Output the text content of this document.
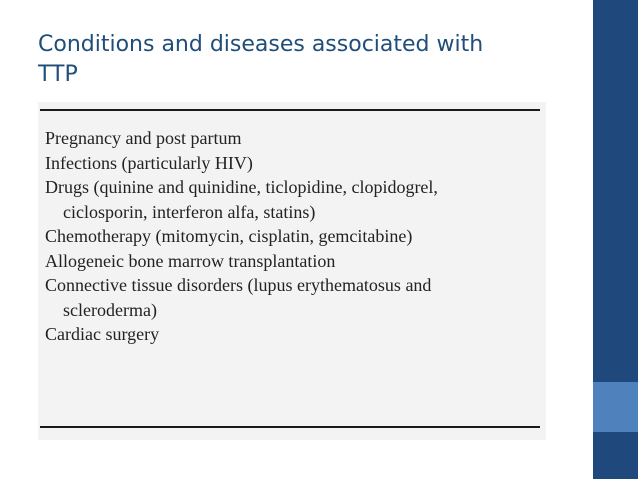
Conditions and diseases associated with
TTP
Pregnancy and post partum
Infections (particularly HIV)
Drugs (quinine and quinidine, ticlopidine, clopidogrel,
ciclosporin, interferon alfa, statins)
Chemotherapy (mitomycin, cisplatin, gemcitabine)
Allogeneic bone marrow transplantation
Connective tissue disorders (lupus erythematosus and
scleroderma)
Cardiac surgery
